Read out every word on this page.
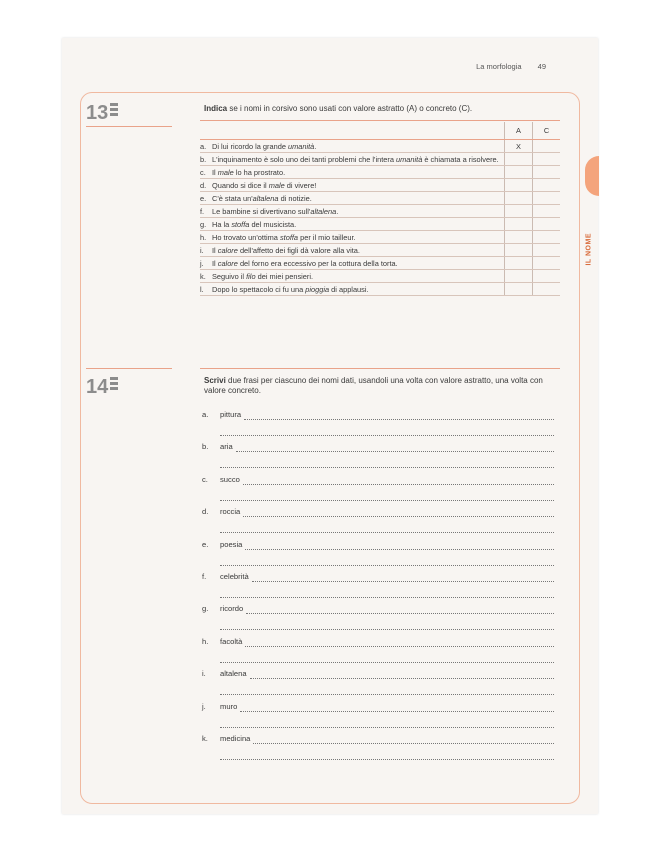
La morfologia 49
IL NOME
13	Indica se i nomi in corsivo sono usati con valore astratto (A) o concreto (C).
	A	C
a. Di lui ricordo la grande umanità.	X	
b. L'inquinamento è solo uno dei tanti problemi che l'intera umanità è chiamata a risolvere.		
c. Il male lo ha prostrato.		
d. Quando si dice il male di vivere!		
e. C'è stata un'altalena di notizie.		
f. Le bambine si divertivano sull'altalena.		
g. Ha la stoffa del musicista.		
h. Ho trovato un'ottima stoffa per il mio tailleur.		
i. Il calore dell'affetto dei figli dà valore alla vita.		
j. Il calore del forno era eccessivo per la cottura della torta.		
k. Seguivo il filo dei miei pensieri.		
l. Dopo lo spettacolo ci fu una pioggia di applausi.		
14	Scrivi due frasi per ciascuno dei nomi dati, usandoli una volta con valore astratto, una volta con valore concreto.
a. pittura
b. aria
c. succo
d. roccia
e. poesia
f. celebrità
g. ricordo
h. facoltà
i. altalena
j. muro
k. medicina
